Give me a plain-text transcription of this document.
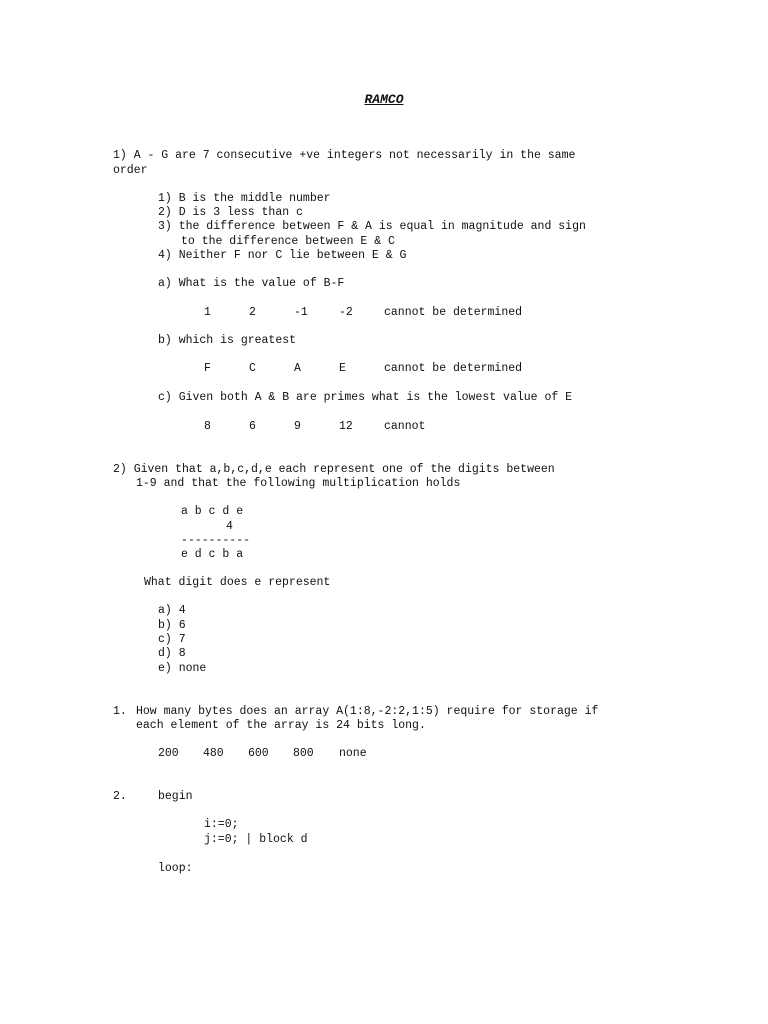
RAMCO
1) A - G are 7 consecutive +ve integers not necessarily in the same
order
1) B is the middle number
2) D is 3 less than c
3) the difference between F & A is equal in magnitude and sign
to the difference between E & C
4) Neither F nor C lie between E & G
a) What is the value of B-F
1	2	-1	-2	cannot be determined
b) which is greatest
F	C	A	E	cannot be determined
c) Given both A & B are primes what is the lowest value of E
8	6	9	12	cannot
2) Given that a,b,c,d,e each represent one of the digits between
1-9 and that the following multiplication holds
a b c d e
4
----------
e d c b a
What digit does e represent
a) 4
b) 6
c) 7
d) 8
e) none
1. How many bytes does an array A(1:8,-2:2,1:5) require for storage if
each element of the array is 24 bits long.
200 480 600 800 none
2.	begin
i:=0;
j:=0; | block d
loop:
